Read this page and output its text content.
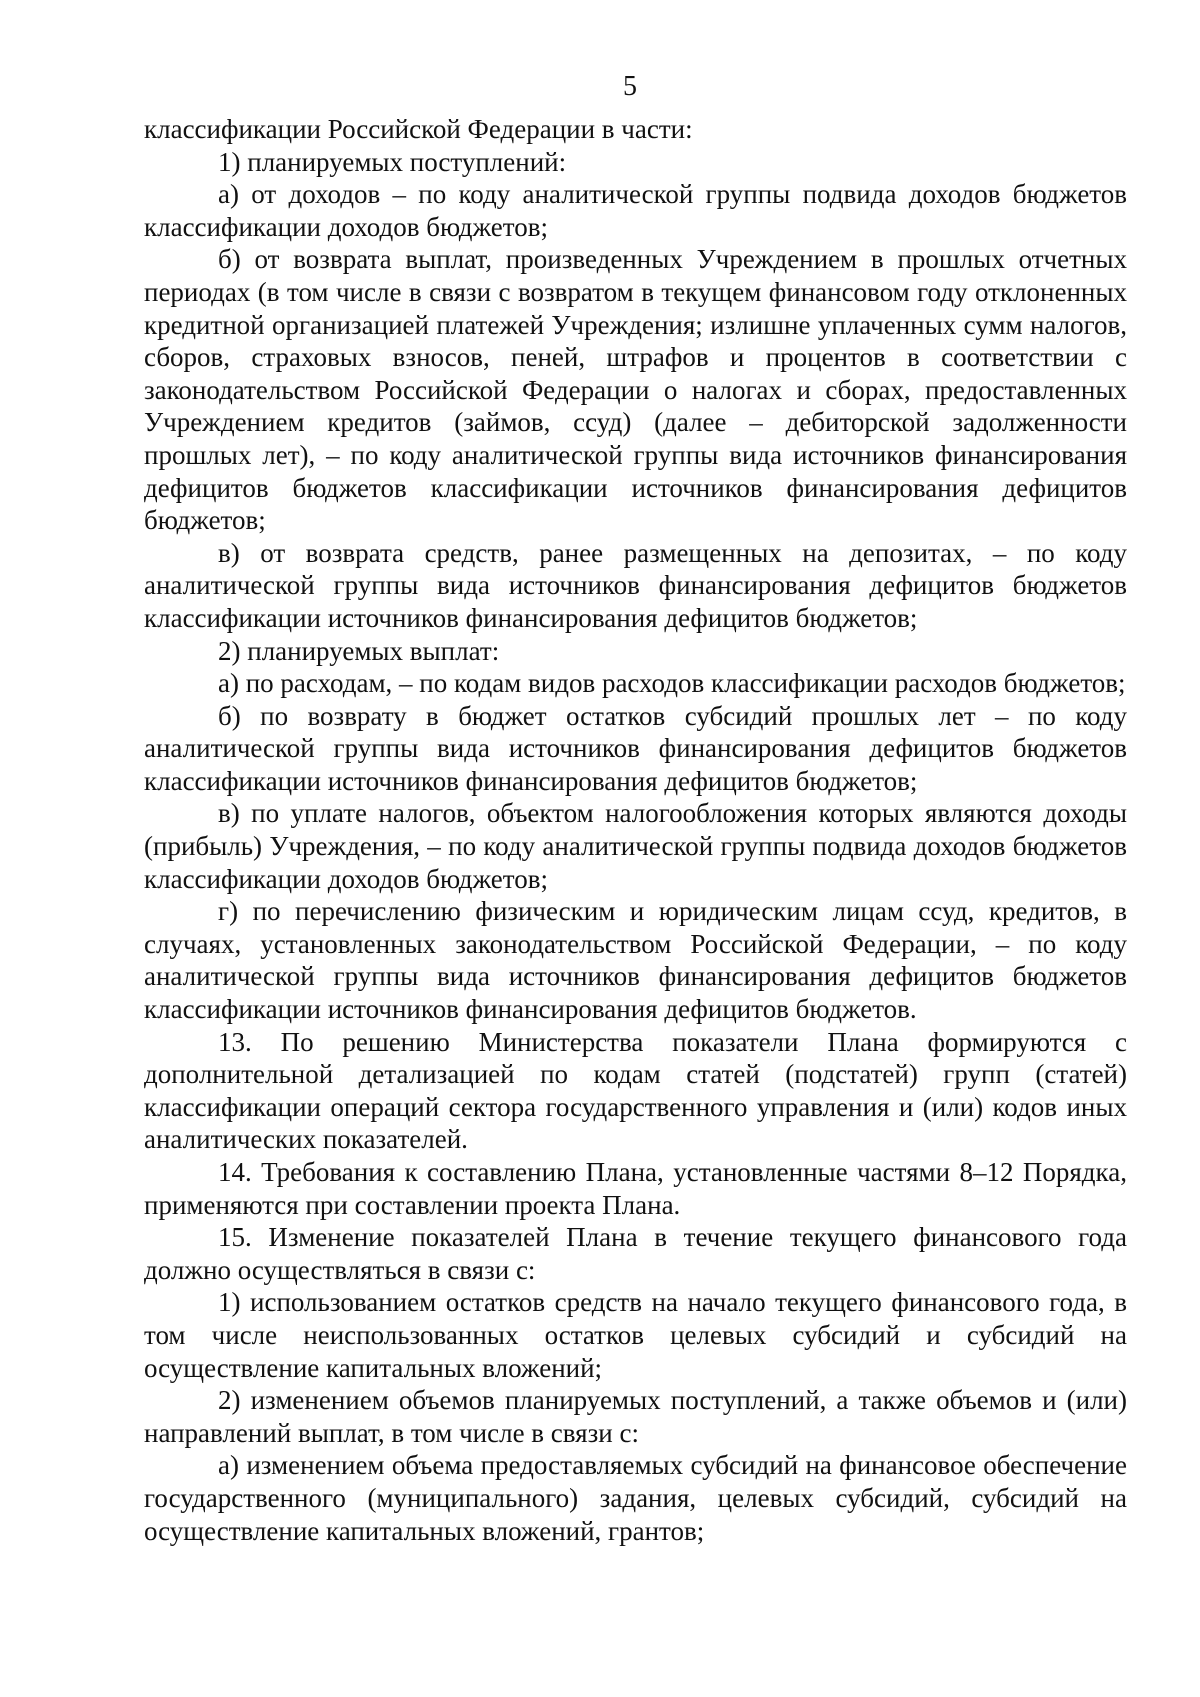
5

классификации Российской Федерации в части:

1) планируемых поступлений:

а) от доходов – по коду аналитической группы подвида доходов бюджетов классификации доходов бюджетов;

б) от возврата выплат, произведенных Учреждением в прошлых отчетных периодах (в том числе в связи с возвратом в текущем финансовом году отклоненных кредитной организацией платежей Учреждения; излишне уплаченных сумм налогов, сборов, страховых взносов, пеней, штрафов и процентов в соответствии с законодательством Российской Федерации о налогах и сборах, предоставленных Учреждением кредитов (займов, ссуд) (далее – дебиторской задолженности прошлых лет), – по коду аналитической группы вида источников финансирования дефицитов бюджетов классификации источников финансирования дефицитов бюджетов;

в) от возврата средств, ранее размещенных на депозитах, – по коду аналитической группы вида источников финансирования дефицитов бюджетов классификации источников финансирования дефицитов бюджетов;

2) планируемых выплат:

а) по расходам, – по кодам видов расходов классификации расходов бюджетов;

б) по возврату в бюджет остатков субсидий прошлых лет – по коду аналитической группы вида источников финансирования дефицитов бюджетов классификации источников финансирования дефицитов бюджетов;

в) по уплате налогов, объектом налогообложения которых являются доходы (прибыль) Учреждения, – по коду аналитической группы подвида доходов бюджетов классификации доходов бюджетов;

г) по перечислению физическим и юридическим лицам ссуд, кредитов, в случаях, установленных законодательством Российской Федерации, – по коду аналитической группы вида источников финансирования дефицитов бюджетов классификации источников финансирования дефицитов бюджетов.

13. По решению Министерства показатели Плана формируются с дополнительной детализацией по кодам статей (подстатей) групп (статей) классификации операций сектора государственного управления и (или) кодов иных аналитических показателей.

14. Требования к составлению Плана, установленные частями 8–12 Порядка, применяются при составлении проекта Плана.

15. Изменение показателей Плана в течение текущего финансового года должно осуществляться в связи с:

1) использованием остатков средств на начало текущего финансового года, в том числе неиспользованных остатков целевых субсидий и субсидий на осуществление капитальных вложений;

2) изменением объемов планируемых поступлений, а также объемов и (или) направлений выплат, в том числе в связи с:

а) изменением объема предоставляемых субсидий на финансовое обеспечение государственного (муниципального) задания, целевых субсидий, субсидий на осуществление капитальных вложений, грантов;
